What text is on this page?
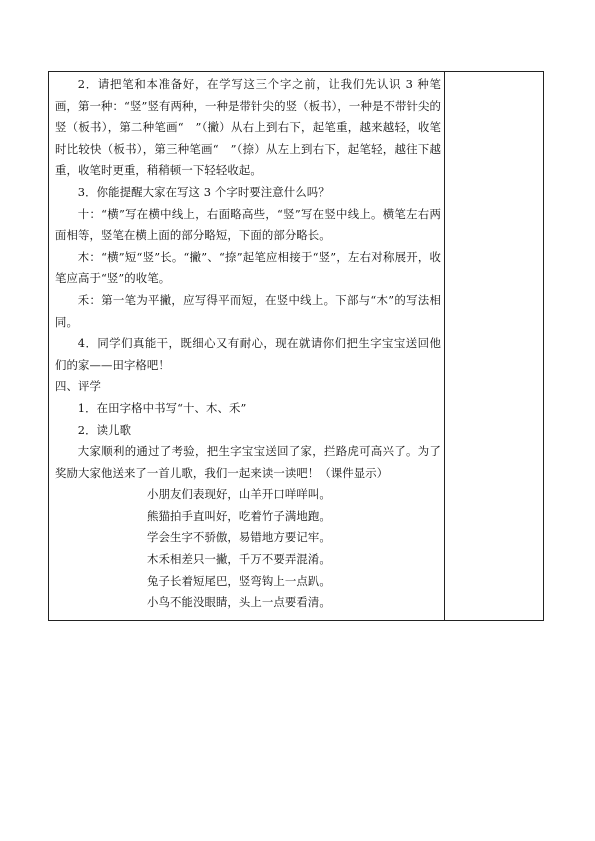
2．请把笔和本准备好，在学写这三个字之前，让我们先认识 3 种笔画，第一种：“竖”竖有两种，一种是带针尖的竖（板书），一种是不带针尖的竖（板书），第二种笔画“　”（撇）从右上到右下，起笔重，越来越轻，收笔时比较快（板书），第三种笔画“　”（捺）从左上到右下，起笔轻，越往下越重，收笔时更重，稍稍顿一下轻轻收起。

3．你能提醒大家在写这 3 个字时要注意什么吗？

十：“横”写在横中线上，右面略高些，“竖”写在竖中线上。横笔左右两面相等，竖笔在横上面的部分略短，下面的部分略长。

木：“横”短“竖”长。“撇”、“捺”起笔应相接于“竖”，左右对称展开，收笔应高于“竖”的收笔。

禾：第一笔为平撇，应写得平而短，在竖中线上。下部与“木”的写法相同。

4．同学们真能干，既细心又有耐心，现在就请你们把生字宝宝送回他们的家——田字格吧！

四、评学

1．在田字格中书写“十、木、禾”

2．读儿歌

大家顺利的通过了考验，把生字宝宝送回了家，拦路虎可高兴了。为了奖励大家他送来了一首儿歌，我们一起来读一读吧！（课件显示）

小朋友们表现好，山羊开口咩咩叫。

熊猫拍手直叫好，吃着竹子满地跑。

学会生字不骄傲，易错地方要记牢。

木禾相差只一撇，千万不要弄混淆。

兔子长着短尾巴，竖弯钩上一点趴。

小鸟不能没眼睛，头上一点要看清。
